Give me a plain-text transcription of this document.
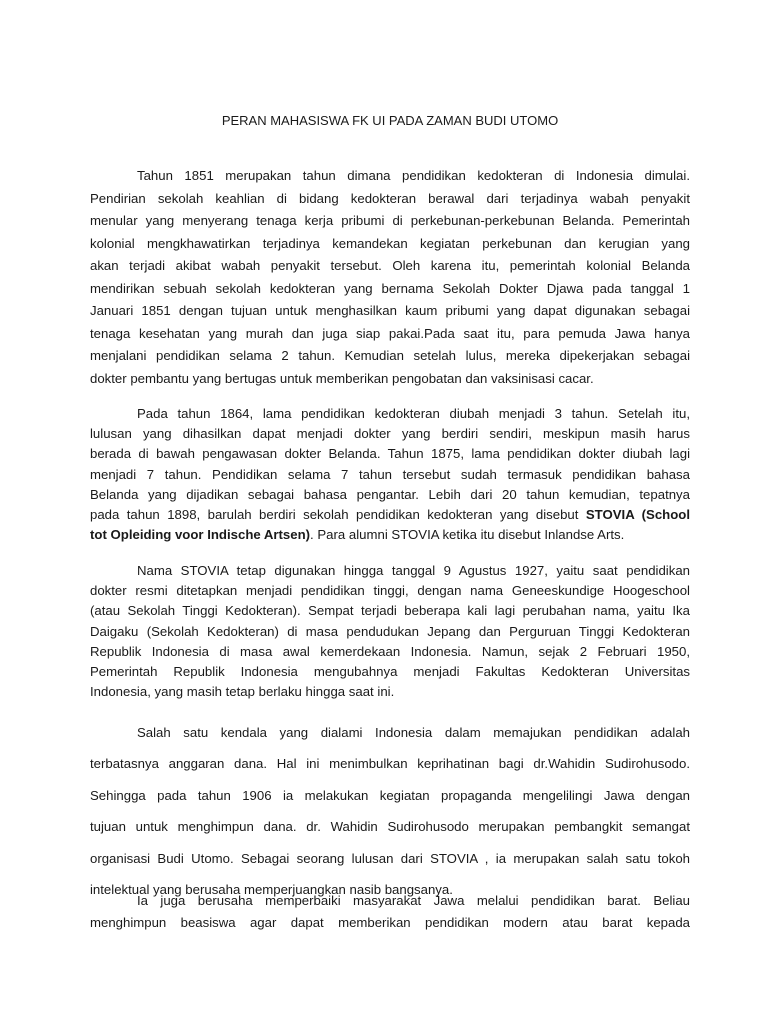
PERAN MAHASISWA FK UI PADA ZAMAN BUDI UTOMO
Tahun 1851 merupakan tahun dimana pendidikan kedokteran di Indonesia dimulai.
Pendirian sekolah keahlian di bidang kedokteran berawal dari terjadinya wabah penyakit
menular yang menyerang tenaga kerja pribumi di perkebunan-perkebunan Belanda. Pemerintah
kolonial mengkhawatirkan terjadinya kemandekan kegiatan perkebunan dan kerugian yang
akan terjadi akibat wabah penyakit tersebut. Oleh karena itu, pemerintah kolonial Belanda
mendirikan sebuah sekolah kedokteran yang bernama Sekolah Dokter Djawa pada tanggal 1
Januari 1851 dengan tujuan untuk menghasilkan kaum pribumi yang dapat digunakan sebagai
tenaga kesehatan yang murah dan juga siap pakai.Pada saat itu, para pemuda Jawa hanya
menjalani pendidikan selama 2 tahun. Kemudian setelah lulus, mereka dipekerjakan sebagai
dokter pembantu yang bertugas untuk memberikan pengobatan dan vaksinisasi cacar.
Pada tahun 1864, lama pendidikan kedokteran diubah menjadi 3 tahun. Setelah itu,
lulusan yang dihasilkan dapat menjadi dokter yang berdiri sendiri, meskipun masih harus
berada di bawah pengawasan dokter Belanda. Tahun 1875, lama pendidikan dokter diubah lagi
menjadi 7 tahun. Pendidikan selama 7 tahun tersebut sudah termasuk pendidikan bahasa
Belanda yang dijadikan sebagai bahasa pengantar. Lebih dari 20 tahun kemudian, tepatnya
pada tahun 1898, barulah berdiri sekolah pendidikan kedokteran yang disebut STOVIA (School
tot Opleiding voor Indische Artsen). Para alumni STOVIA ketika itu disebut Inlandse Arts.
Nama STOVIA tetap digunakan hingga tanggal 9 Agustus 1927, yaitu saat pendidikan
dokter resmi ditetapkan menjadi pendidikan tinggi, dengan nama Geneeskundige Hoogeschool
(atau Sekolah Tinggi Kedokteran). Sempat terjadi beberapa kali lagi perubahan nama, yaitu Ika
Daigaku (Sekolah Kedokteran) di masa pendudukan Jepang dan Perguruan Tinggi Kedokteran
Republik Indonesia di masa awal kemerdekaan Indonesia. Namun, sejak 2 Februari 1950,
Pemerintah Republik Indonesia mengubahnya menjadi Fakultas Kedokteran Universitas
Indonesia, yang masih tetap berlaku hingga saat ini.
Salah satu kendala yang dialami Indonesia dalam memajukan pendidikan adalah
terbatasnya anggaran dana. Hal ini menimbulkan keprihatinan bagi dr.Wahidin Sudirohusodo.
Sehingga pada tahun 1906 ia melakukan kegiatan propaganda mengelilingi Jawa dengan
tujuan untuk menghimpun dana. dr. Wahidin Sudirohusodo merupakan pembangkit semangat
organisasi Budi Utomo. Sebagai seorang lulusan dari STOVIA , ia merupakan salah satu tokoh
intelektual yang berusaha memperjuangkan nasib bangsanya.
Ia juga berusaha memperbaiki masyarakat Jawa melalui pendidikan barat. Beliau
menghimpun beasiswa agar dapat memberikan pendidikan modern atau barat kepada
